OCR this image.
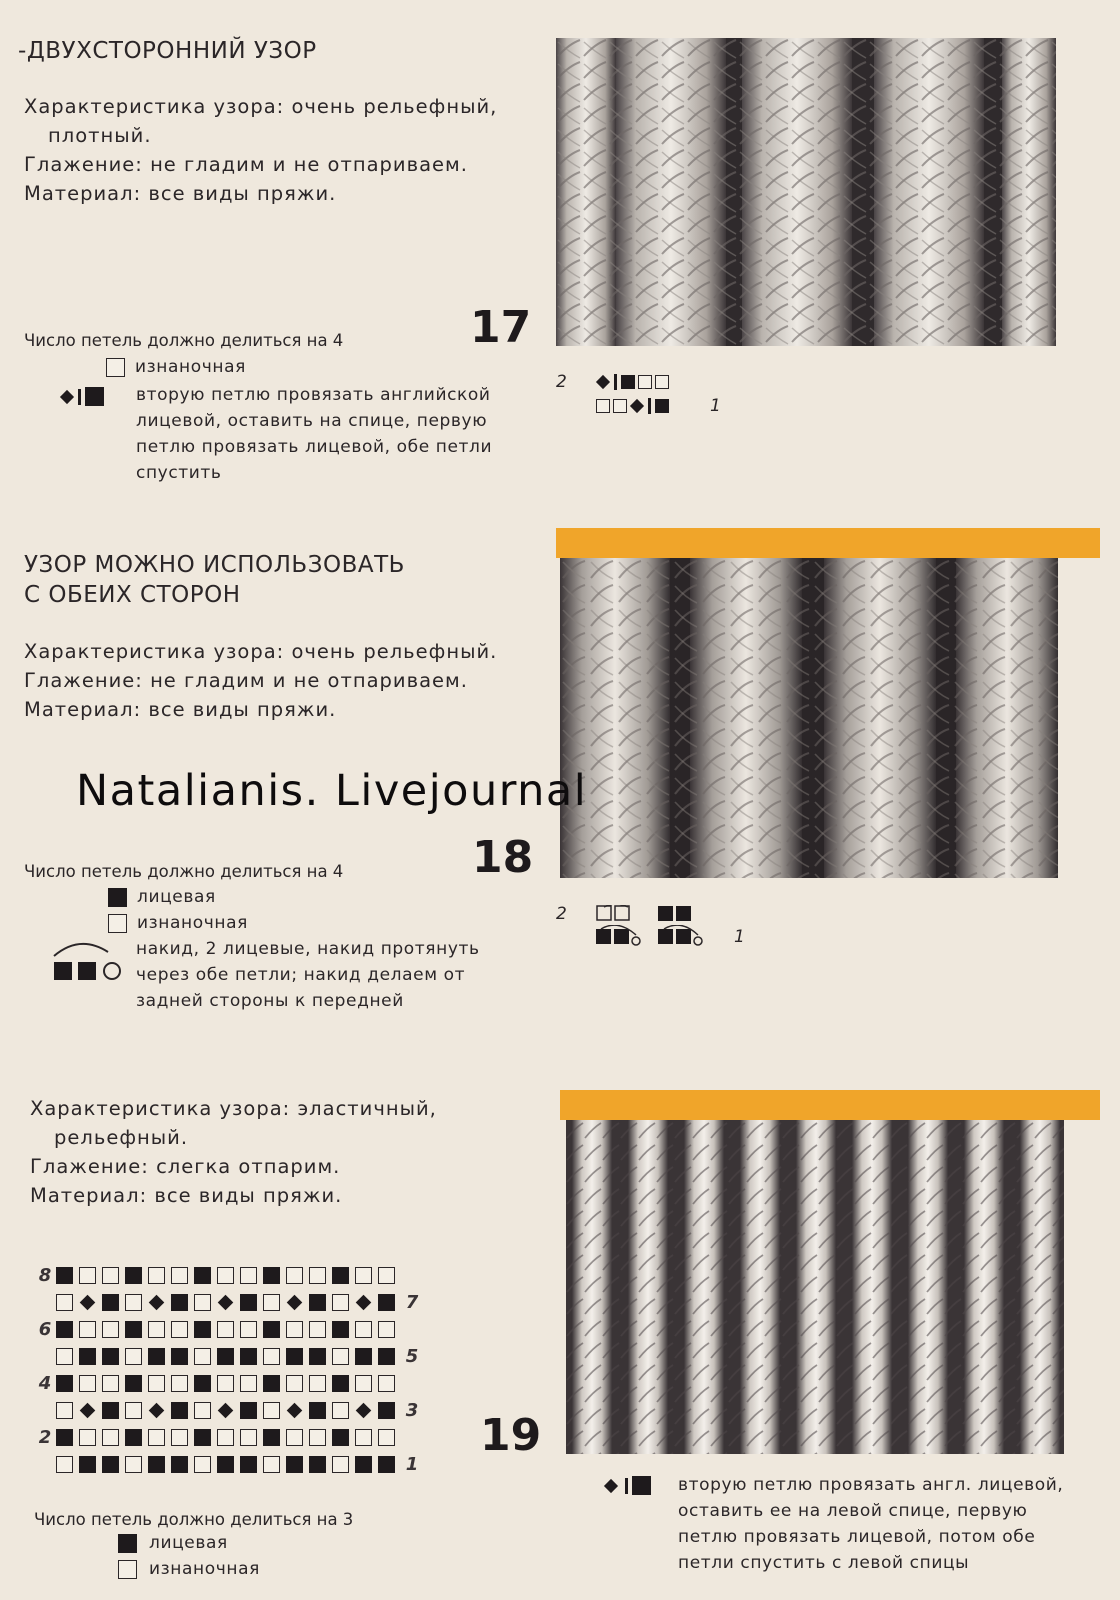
-ДВУХСТОРОННИЙ УЗОР
Характеристика узора: очень рельефный,
плотный.
Глажение: не гладим и не отпариваем.
Материал: все виды пряжи.
17
Число петель должно делиться на 4
изнаночная
вторую петлю провязать английской лицевой, оставить на спице, первую петлю провязать лицевой, обе петли спустить
2
1
УЗОР МОЖНО ИСПОЛЬЗОВАТЬ
С ОБЕИХ СТОРОН
Характеристика узора: очень рельефный.
Глажение: не гладим и не отпариваем.
Материал: все виды пряжи.
Natalianis. Livejournal
18
Число петель должно делиться на 4
лицевая
изнаночная
накид, 2 лицевые, накид протянуть через обе петли; накид делаем от задней стороны к передней
2
1
Характеристика узора: эластичный,
рельефный.
Глажение: слегка отпарим.
Материал: все виды пряжи.
8
7
6
5
4
3
2
1
19
Число петель должно делиться на 3
лицевая
изнаночная
вторую петлю провязать англ. лицевой, оставить ее на левой спице, первую петлю провязать лицевой, потом обе петли спустить с левой спицы
